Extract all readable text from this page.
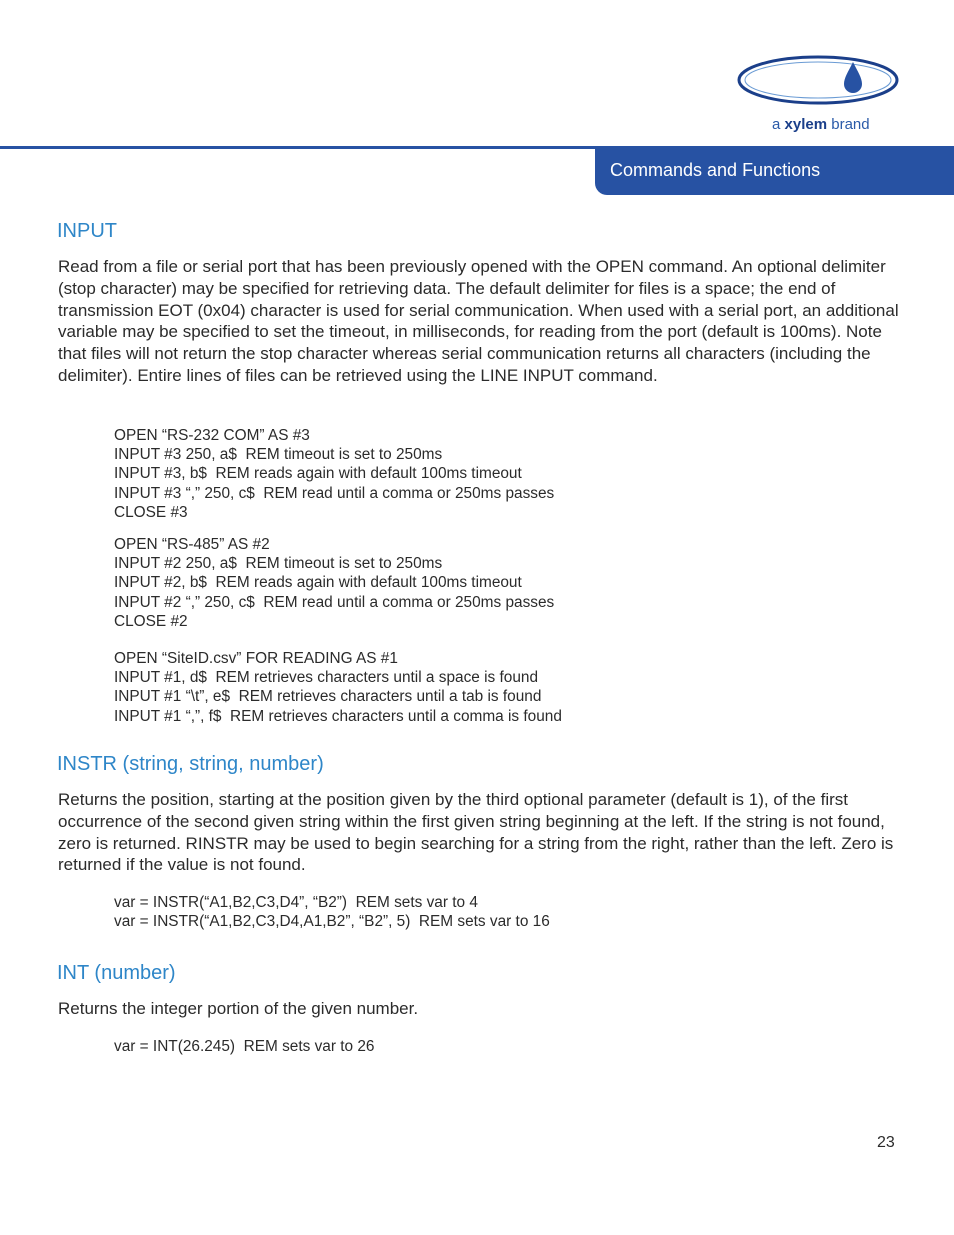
a xylem brand
Commands and Functions
INPUT

Read from a file or serial port that has been previously opened with the OPEN command. An optional delimiter (stop character) may be specified for retrieving data. The default delimiter for files is a space; the end of transmission EOT (0x04) character is used for serial communication. When used with a serial port, an additional variable may be specified to set the timeout, in milliseconds, for reading from the port (default is 100ms). Note that files will not return the stop character whereas serial communication returns all characters (including the delimiter). Entire lines of files can be retrieved using the LINE INPUT command.

OPEN “RS-232 COM” AS #3
INPUT #3 250, a$  REM timeout is set to 250ms
INPUT #3, b$  REM reads again with default 100ms timeout
INPUT #3 “,” 250, c$  REM read until a comma or 250ms passes
CLOSE #3
OPEN “RS-485” AS #2
INPUT #2 250, a$  REM timeout is set to 250ms
INPUT #2, b$  REM reads again with default 100ms timeout
INPUT #2 “,” 250, c$  REM read until a comma or 250ms passes
CLOSE #2
OPEN “SiteID.csv” FOR READING AS #1
INPUT #1, d$  REM retrieves characters until a space is found
INPUT #1 “\t”, e$  REM retrieves characters until a tab is found
INPUT #1 “,”, f$  REM retrieves characters until a comma is found
INSTR (string, string, number)

Returns the position, starting at the position given by the third optional parameter (default is 1), of the first occurrence of the second given string within the first given string beginning at the left. If the string is not found, zero is returned. RINSTR may be used to begin searching for a string from the right, rather than the left. Zero is returned if the value is not found.

var = INSTR(“A1,B2,C3,D4”, “B2”)  REM sets var to 4
var = INSTR(“A1,B2,C3,D4,A1,B2”, “B2”, 5)  REM sets var to 16
INT (number)

Returns the integer portion of the given number.

var = INT(26.245)  REM sets var to 26
23
